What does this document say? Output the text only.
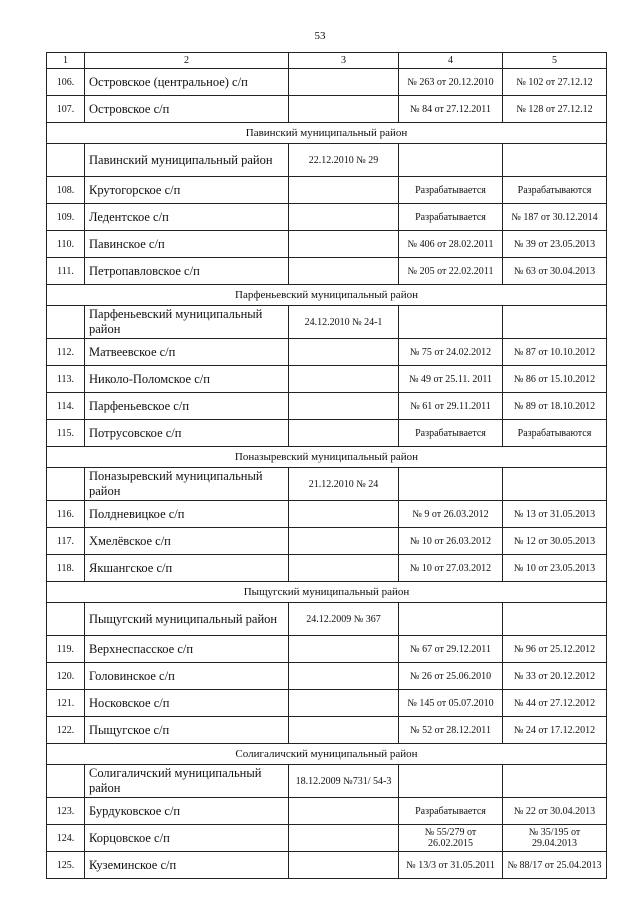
53
1	2	3	4	5
106.	Островское (центральное) с/п		№ 263 от 20.12.2010	№ 102 от 27.12.12
107.	Островское с/п		№ 84 от 27.12.2011	№ 128 от 27.12.12
Павинский муниципальный район				
	Павинский муниципальный район	22.12.2010 № 29		
108.	Крутогорское с/п		Разрабатывается	Разрабатываются
109.	Ледентское с/п		Разрабатывается	№ 187 от 30.12.2014
110.	Павинское с/п		№ 406 от 28.02.2011	№ 39 от 23.05.2013
111.	Петропавловское с/п		№ 205 от 22.02.2011	№ 63 от 30.04.2013
Парфеньевский муниципальный район				
	Парфеньевский муниципальный район	24.12.2010 № 24-1		
112.	Матвеевское с/п		№ 75 от 24.02.2012	№ 87 от 10.10.2012
113.	Николо-Поломское с/п		№ 49 от 25.11. 2011	№ 86 от 15.10.2012
114.	Парфеньевское с/п		№ 61 от 29.11.2011	№ 89 от 18.10.2012
115.	Потрусовское с/п		Разрабатывается	Разрабатываются
Поназыревский муниципальный район				
	Поназыревский муниципальный район	21.12.2010 № 24		
116.	Полдневицкое с/п		№ 9 от 26.03.2012	№ 13 от 31.05.2013
117.	Хмелёвское с/п		№ 10 от 26.03.2012	№ 12 от 30.05.2013
118.	Якшангское с/п		№ 10 от 27.03.2012	№ 10 от 23.05.2013
Пыщугский муниципальный район				
	Пыщугский муниципальный район	24.12.2009 № 367		
119.	Верхнеспасское с/п		№ 67 от 29.12.2011	№ 96 от 25.12.2012
120.	Головинское с/п		№ 26 от 25.06.2010	№ 33 от 20.12.2012
121.	Носковское с/п		№ 145 от 05.07.2010	№ 44 от 27.12.2012
122.	Пыщугское с/п		№ 52 от 28.12.2011	№ 24 от 17.12.2012
Солигаличский муниципальный район				
	Солигаличский муниципальный район	18.12.2009 №731/ 54-3		
123.	Бурдуковское с/п		Разрабатывается	№ 22 от 30.04.2013
124.	Корцовское с/п		№ 55/279 от 26.02.2015	№ 35/195 от 29.04.2013
125.	Куземинское с/п		№ 13/3 от 31.05.2011	№ 88/17 от 25.04.2013
